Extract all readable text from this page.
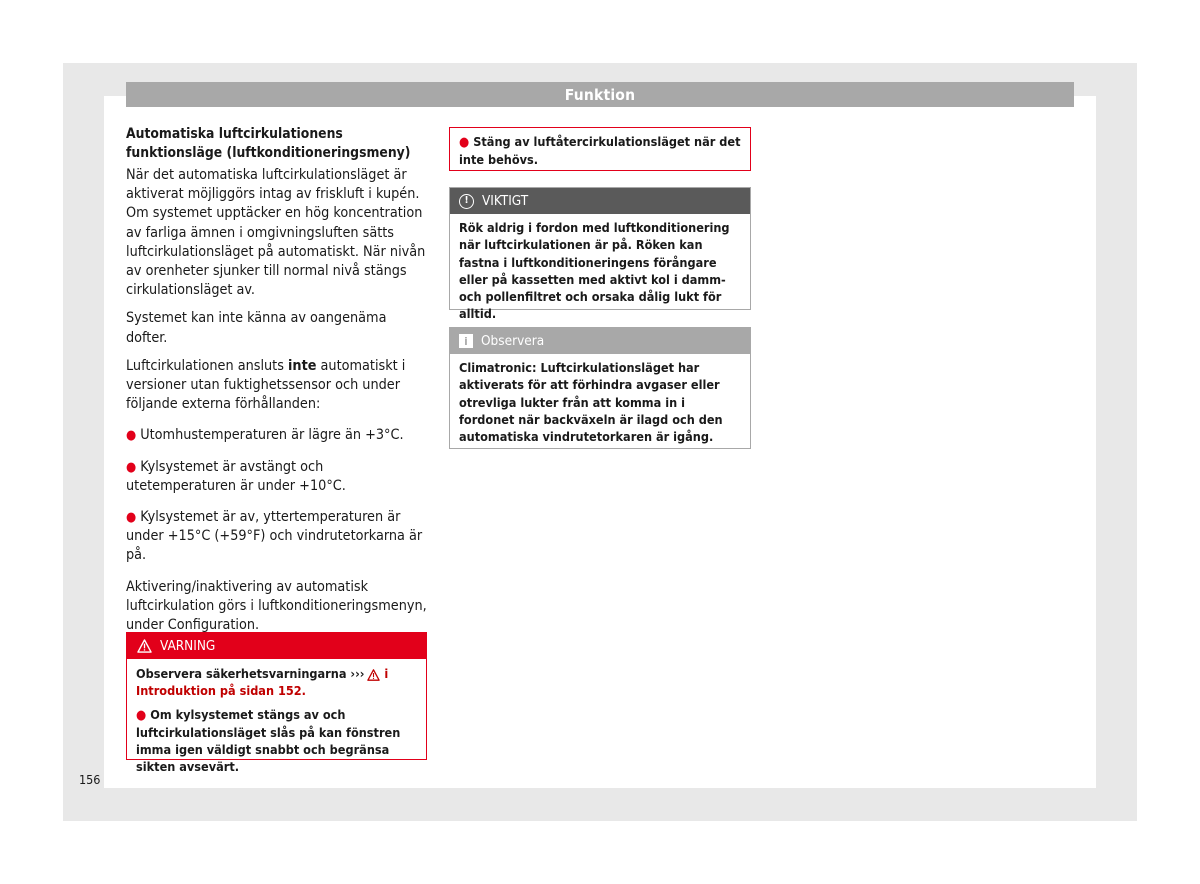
Funktion

Automatiska luftcirkulationens funktionsläge (luftkonditioneringsmeny)

När det automatiska luftcirkulationsläget är aktiverat möjliggörs intag av friskluft i kupén. Om systemet upptäcker en hög koncentration av farliga ämnen i omgivningsluften sätts luftcirkulationsläget på automatiskt. När nivån av orenheter sjunker till normal nivå stängs cirkulationsläget av.

Systemet kan inte känna av oangenäma dofter.

Luftcirkulationen ansluts inte automatiskt i versioner utan fuktighetssensor och under följande externa förhållanden:

● Utomhustemperaturen är lägre än +3°C.

● Kylsystemet är avstängt och utetemperaturen är under +10°C.

● Kylsystemet är av, yttertemperaturen är under +15°C (+59°F) och vindrutetorkarna är på.

Aktivering/inaktivering av automatisk luftcirkulation görs i luftkonditioneringsmenyn, under Configuration.

VARNING

Observera säkerhetsvarningarna ››› i Introduktion på sidan 152.

● Om kylsystemet stängs av och luftcirkulationsläget slås på kan fönstren imma igen väldigt snabbt och begränsa sikten avsevärt.

● Stäng av luftåtercirkulationsläget när det inte behövs.
! VIKTIGT
Rök aldrig i fordon med luftkonditionering när luftcirkulationen är på. Röken kan fastna i luftkonditioneringens förångare eller på kassetten med aktivt kol i damm- och pollenfiltret och orsaka dålig lukt för alltid.
i Observera
Climatronic: Luftcirkulationsläget har aktiverats för att förhindra avgaser eller otrevliga lukter från att komma in i fordonet när backväxeln är ilagd och den automatiska vindrutetorkaren är igång.
156
